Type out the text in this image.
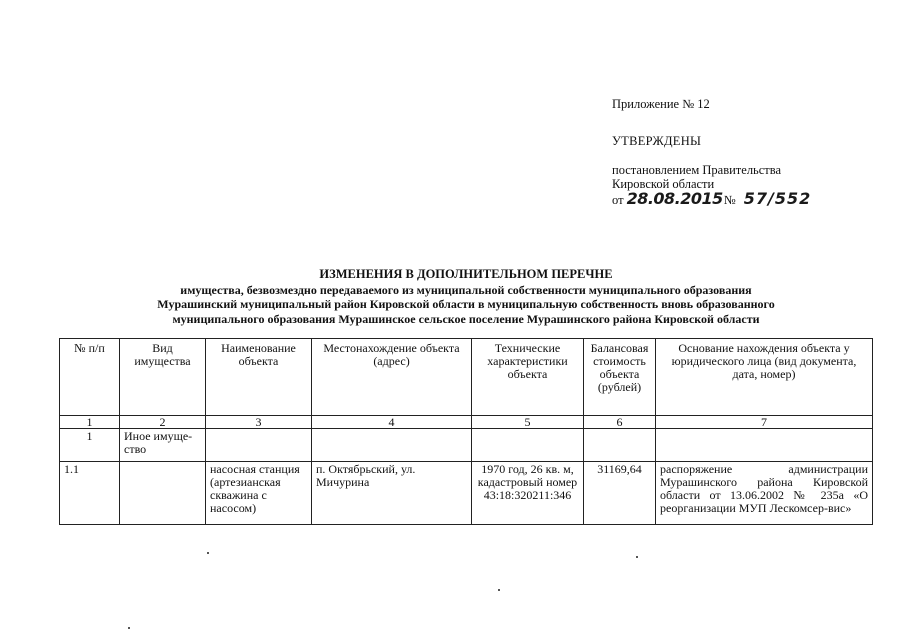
Приложение № 12
УТВЕРЖДЕНЫ
постановлением Правительства
Кировской области
от 28.08.2015 № 57/552
ИЗМЕНЕНИЯ В ДОПОЛНИТЕЛЬНОМ ПЕРЕЧНЕ
имущества, безвозмездно передаваемого из муниципальной собственности муниципального образования
Мурашинский муниципальный район Кировской области в муниципальную собственность вновь образованного
муниципального образования Мурашинское сельское поселение Мурашинского района Кировской области
№ п/п	Вид имущества	Наименование объекта	Местонахождение объекта (адрес)	Технические характеристики объекта	Балансовая стоимость объекта (рублей)	Основание нахождения объекта у юридического лица (вид документа, дата, номер)
1	2	3	4	5	6	7
1	Иное имуще-ство					
1.1		насосная станция (артезианская скважина с насосом)	п. Октябрьский, ул. Мичурина	1970 год, 26 кв. м, кадастровый номер 43:18:320211:346	31169,64	распоряжение администрации Мурашинского района Кировской области от 13.06.2002 № 235а «О реорганизации МУП Лескомсер-вис»
